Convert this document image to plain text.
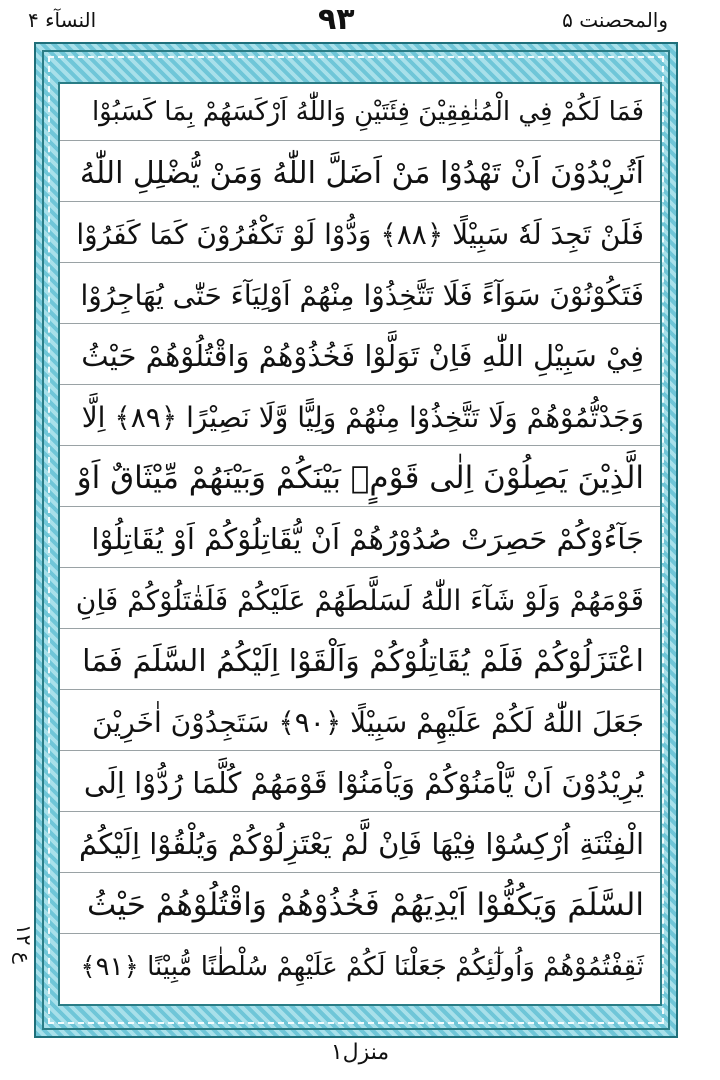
النسآء ۴	۹۳	والمحصنت ۵
فَمَا لَكُمْ فِي الْمُنٰفِقِيْنَ فِئَتَيْنِ وَاللّٰهُ اَرْكَسَهُمْ بِمَا كَسَبُوْا
اَتُرِيْدُوْنَ اَنْ تَهْدُوْا مَنْ اَضَلَّ اللّٰهُ وَمَنْ يُّضْلِلِ اللّٰهُ
فَلَنْ تَجِدَ لَهٗ سَبِيْلًا ﴿۸۸﴾ وَدُّوْا لَوْ تَكْفُرُوْنَ كَمَا كَفَرُوْا
فَتَكُوْنُوْنَ سَوَآءً فَلَا تَتَّخِذُوْا مِنْهُمْ اَوْلِيَآءَ حَتّٰى يُهَاجِرُوْا
فِيْ سَبِيْلِ اللّٰهِ فَاِنْ تَوَلَّوْا فَخُذُوْهُمْ وَاقْتُلُوْهُمْ حَيْثُ
وَجَدْتُّمُوْهُمْ وَلَا تَتَّخِذُوْا مِنْهُمْ وَلِيًّا وَّلَا نَصِيْرًا ﴿۸۹﴾ اِلَّا
الَّذِيْنَ يَصِلُوْنَ اِلٰى قَوْمٍۢ بَيْنَكُمْ وَبَيْنَهُمْ مِّيْثَاقٌ اَوْ
جَآءُوْكُمْ حَصِرَتْ صُدُوْرُهُمْ اَنْ يُّقَاتِلُوْكُمْ اَوْ يُقَاتِلُوْا
قَوْمَهُمْ وَلَوْ شَآءَ اللّٰهُ لَسَلَّطَهُمْ عَلَيْكُمْ فَلَقٰتَلُوْكُمْ فَاِنِ
اعْتَزَلُوْكُمْ فَلَمْ يُقَاتِلُوْكُمْ وَاَلْقَوْا اِلَيْكُمُ السَّلَمَ فَمَا
جَعَلَ اللّٰهُ لَكُمْ عَلَيْهِمْ سَبِيْلًا ﴿۹۰﴾ سَتَجِدُوْنَ اٰخَرِيْنَ
يُرِيْدُوْنَ اَنْ يَّاْمَنُوْكُمْ وَيَاْمَنُوْا قَوْمَهُمْ كُلَّمَا رُدُّوْا اِلَى
الْفِتْنَةِ اُرْكِسُوْا فِيْهَا فَاِنْ لَّمْ يَعْتَزِلُوْكُمْ وَيُلْقُوْا اِلَيْكُمُ
السَّلَمَ وَيَكُفُّوْا اَيْدِيَهُمْ فَخُذُوْهُمْ وَاقْتُلُوْهُمْ حَيْثُ
ثَقِفْتُمُوْهُمْ وَاُولٰٓئِكُمْ جَعَلْنَا لَكُمْ عَلَيْهِمْ سُلْطٰنًا مُّبِيْنًا ﴿۹۱﴾
۱۲ ع
منزل۱
